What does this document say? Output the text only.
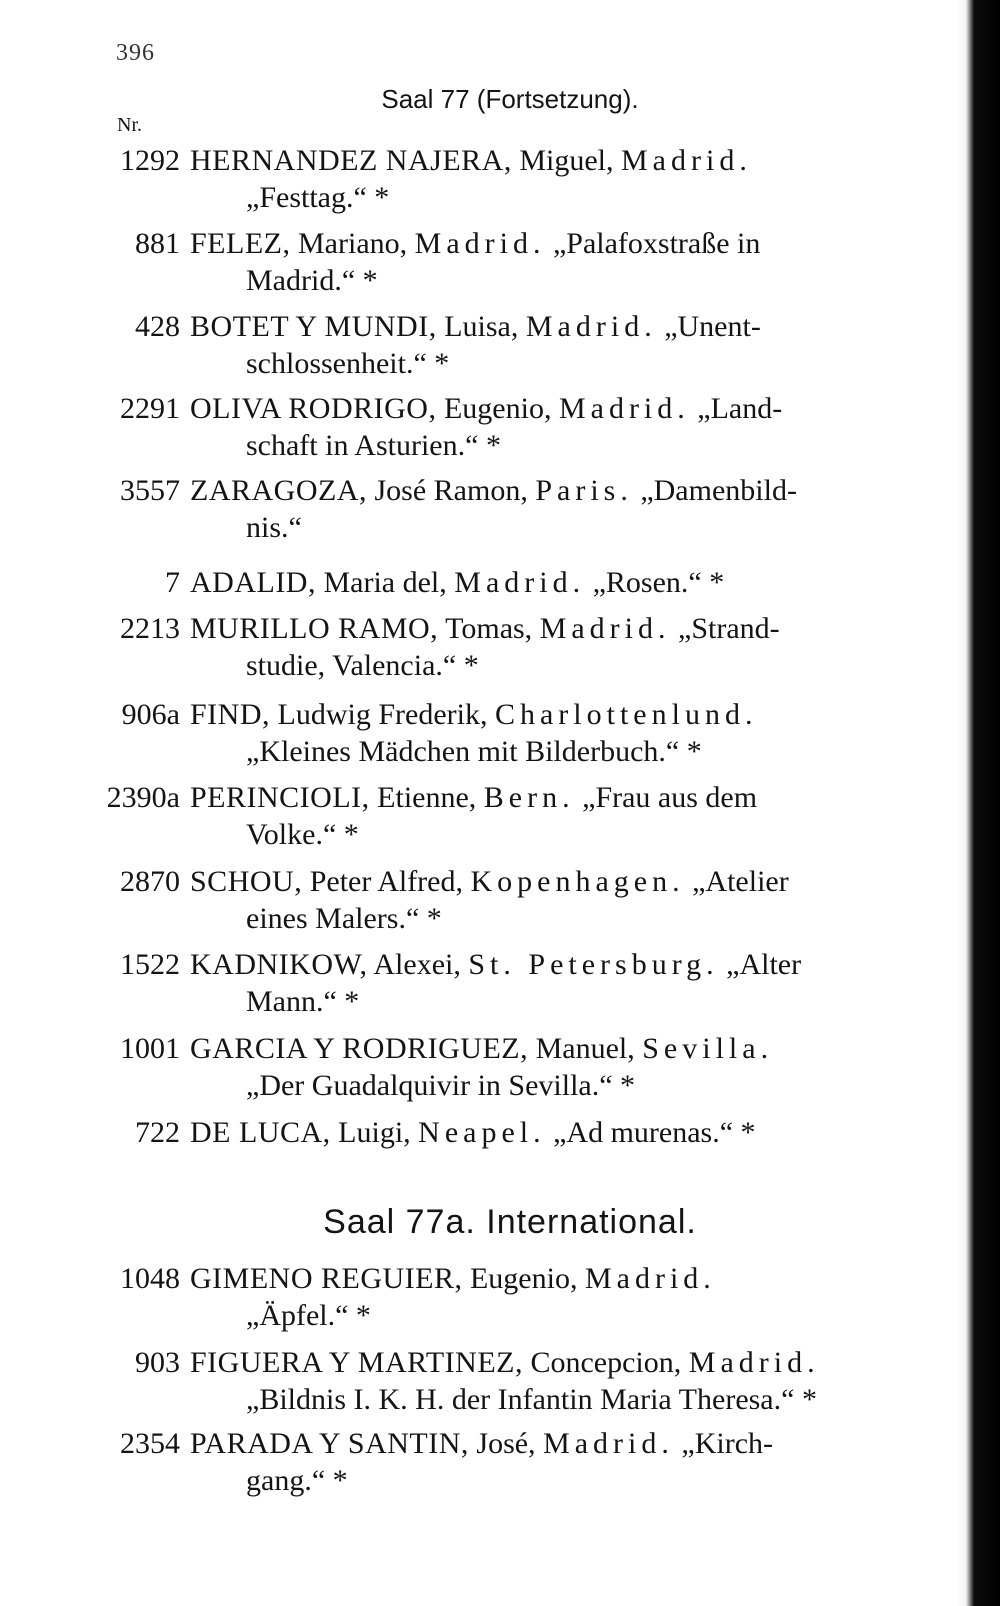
396
Saal 77 (Fortsetzung).
Nr.
1292 HERNANDEZ NAJERA, Miguel, Madrid.
„Festtag.“ *
881 FELEZ, Mariano, Madrid. „Palafoxstraße in
Madrid.“ *
428 BOTET Y MUNDI, Luisa, Madrid. „Unent-
schlossenheit.“ *
2291 OLIVA RODRIGO, Eugenio, Madrid. „Land-
schaft in Asturien.“ *
3557 ZARAGOZA, José Ramon, Paris. „Damenbild-
nis.“
7 ADALID, Maria del, Madrid. „Rosen.“ *
2213 MURILLO RAMO, Tomas, Madrid. „Strand-
studie, Valencia.“ *
906a FIND, Ludwig Frederik, Charlottenlund.
„Kleines Mädchen mit Bilderbuch.“ *
2390a PERINCIOLI, Etienne, Bern. „Frau aus dem
Volke.“ *
2870 SCHOU, Peter Alfred, Kopenhagen. „Atelier
eines Malers.“ *
1522 KADNIKOW, Alexei, St. Petersburg. „Alter
Mann.“ *
1001 GARCIA Y RODRIGUEZ, Manuel, Sevilla.
„Der Guadalquivir in Sevilla.“ *
722 DE LUCA, Luigi, Neapel. „Ad murenas.“ *
Saal 77a. International.
1048 GIMENO REGUIER, Eugenio, Madrid.
„Äpfel.“ *
903 FIGUERA Y MARTINEZ, Concepcion, Madrid.
„Bildnis I. K. H. der Infantin Maria Theresa.“ *
2354 PARADA Y SANTIN, José, Madrid. „Kirch-
gang.“ *
